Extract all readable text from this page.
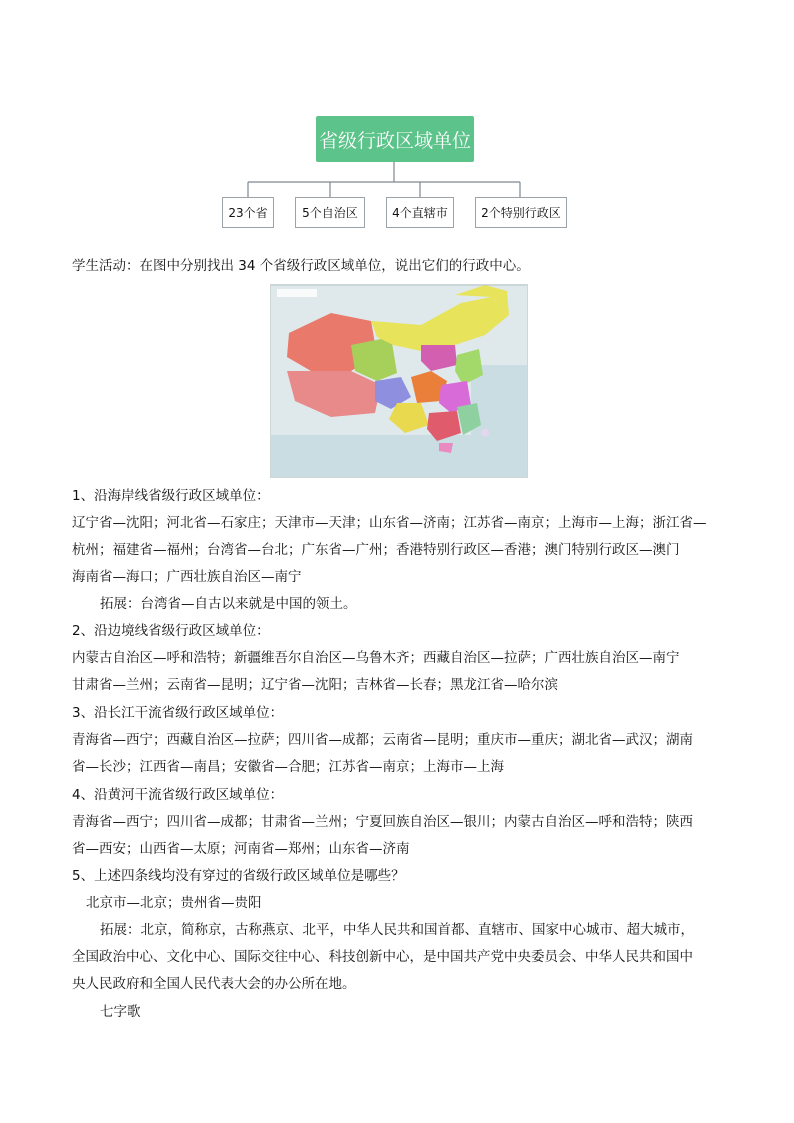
省级行政区域单位
23个省	5个自治区	4个直辖市	2个特别行政区
学生活动：在图中分别找出 34 个省级行政区域单位，说出它们的行政中心。
1、沿海岸线省级行政区域单位：
辽宁省—沈阳；河北省—石家庄；天津市—天津；山东省—济南；江苏省—南京；上海市—上海；浙江省—
杭州；福建省—福州；台湾省—台北；广东省—广州；香港特别行政区—香港；澳门特别行政区—澳门
海南省—海口；广西壮族自治区—南宁
拓展：台湾省—自古以来就是中国的领土。
2、沿边境线省级行政区域单位：
内蒙古自治区—呼和浩特；新疆维吾尔自治区—乌鲁木齐；西藏自治区—拉萨；广西壮族自治区—南宁
甘肃省—兰州；云南省—昆明；辽宁省—沈阳；吉林省—长春；黑龙江省—哈尔滨
3、沿长江干流省级行政区域单位：
青海省—西宁；西藏自治区—拉萨；四川省—成都；云南省—昆明；重庆市—重庆；湖北省—武汉；湖南
省—长沙；江西省—南昌；安徽省—合肥；江苏省—南京；上海市—上海
4、沿黄河干流省级行政区域单位：
青海省—西宁；四川省—成都；甘肃省—兰州；宁夏回族自治区—银川；内蒙古自治区—呼和浩特；陕西
省—西安；山西省—太原；河南省—郑州；山东省—济南
5、上述四条线均没有穿过的省级行政区域单位是哪些？
北京市—北京；贵州省—贵阳
拓展：北京，简称京，古称燕京、北平，中华人民共和国首都、直辖市、国家中心城市、超大城市，
全国政治中心、文化中心、国际交往中心、科技创新中心，是中国共产党中央委员会、中华人民共和国中
央人民政府和全国人民代表大会的办公所在地。
七字歌
